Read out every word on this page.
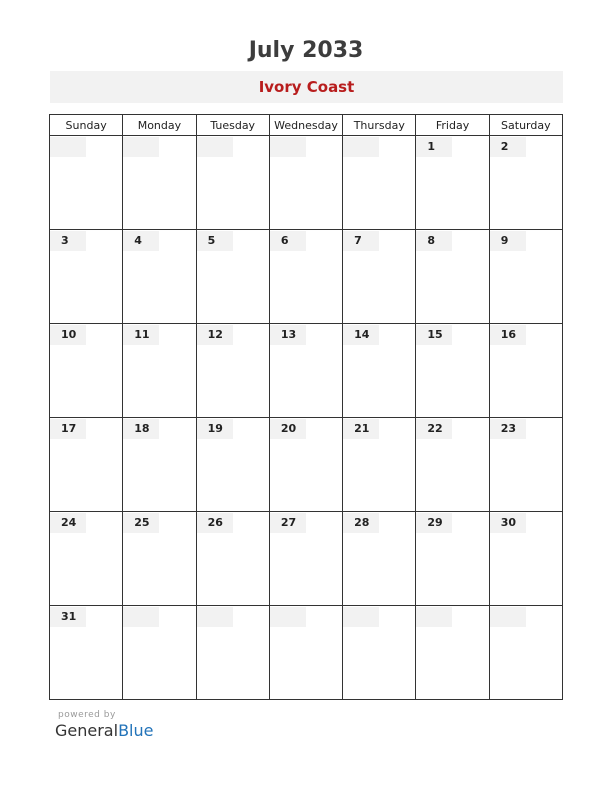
July 2033
Ivory Coast
Sunday	Monday	Tuesday	Wednesday	Thursday	Friday	Saturday

					1	2

3	4	5	6	7	8	9

10	11	12	13	14	15	16

17	18	19	20	21	22	23

24	25	26	27	28	29	30

31						

powered by
GeneralBlue
